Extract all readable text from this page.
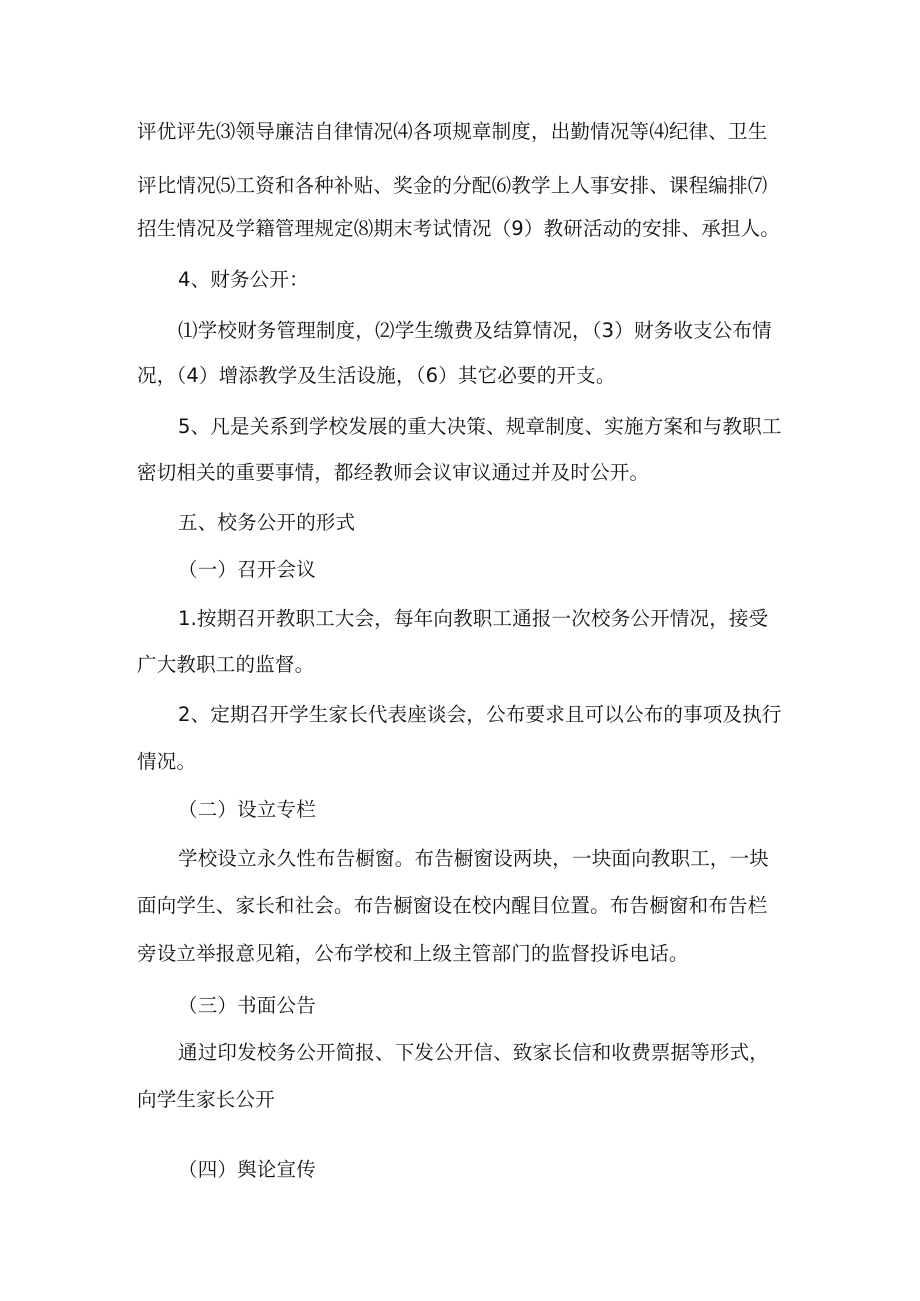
评优评先⑶领导廉洁自律情况⑷各项规章制度，出勤情况等⑷纪律、卫生
评比情况⑸工资和各种补贴、奖金的分配⑹教学上人事安排、课程编排⑺
招生情况及学籍管理规定⑻期末考试情况（9）教研活动的安排、承担人。
4、财务公开：
⑴学校财务管理制度，⑵学生缴费及结算情况，（3）财务收支公布情
况，（4）增添教学及生活设施，（6）其它必要的开支。
5、凡是关系到学校发展的重大决策、规章制度、实施方案和与教职工
密切相关的重要事情，都经教师会议审议通过并及时公开。
五、校务公开的形式
（一）召开会议
1.按期召开教职工大会，每年向教职工通报一次校务公开情况，接受
广大教职工的监督。
2、定期召开学生家长代表座谈会，公布要求且可以公布的事项及执行
情况。
（二）设立专栏
学校设立永久性布告橱窗。布告橱窗设两块，一块面向教职工，一块
面向学生、家长和社会。布告橱窗设在校内醒目位置。布告橱窗和布告栏
旁设立举报意见箱，公布学校和上级主管部门的监督投诉电话。
（三）书面公告
通过印发校务公开简报、下发公开信、致家长信和收费票据等形式，
向学生家长公开
（四）舆论宣传
